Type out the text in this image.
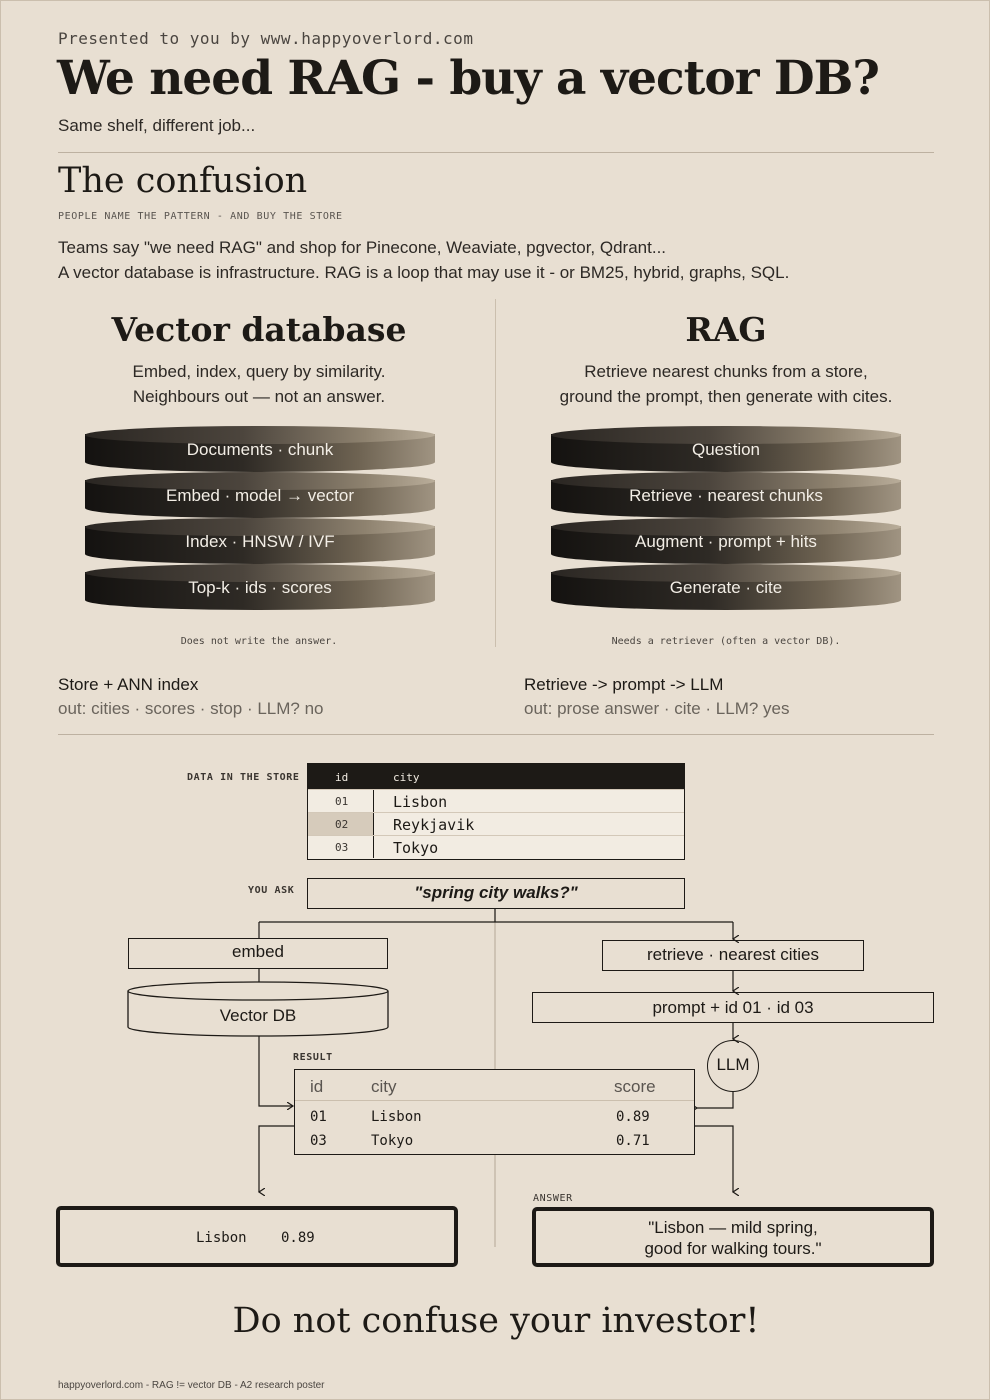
Presented to you by www.happyoverlord.com
We need RAG - buy a vector DB?
Same shelf, different job...
The confusion
PEOPLE NAME THE PATTERN - AND BUY THE STORE
Teams say "we need RAG" and shop for Pinecone, Weaviate, pgvector, Qdrant...
A vector database is infrastructure. RAG is a loop that may use it - or BM25, hybrid, graphs, SQL.
Vector database
Embed, index, query by similarity.
Neighbours out — not an answer.
Documents · chunk
Embed · model → vector
Index · HNSW / IVF
Top-k · ids · scores
Does not write the answer.
RAG
Retrieve nearest chunks from a store,
ground the prompt, then generate with cites.
Question
Retrieve · nearest chunks
Augment · prompt + hits
Generate · cite
Needs a retriever (often a vector DB).
Store + ANN index
out: cities · scores · stop · LLM? no
Retrieve -> prompt -> LLM
out: prose answer · cite · LLM? yes
DATA IN THE STORE	id	city
01	Lisbon
02	Reykjavik
03	Tokyo
YOU ASK	"spring city walks?"
embed
Vector DB
retrieve · nearest cities
prompt + id 01 · id 03
LLM
RESULT
id	city	score
01	Lisbon	0.89
03	Tokyo	0.71
Lisbon 0.89
ANSWER
"Lisbon — mild spring,
good for walking tours."
Do not confuse your investor!
happyoverlord.com - RAG != vector DB - A2 research poster
